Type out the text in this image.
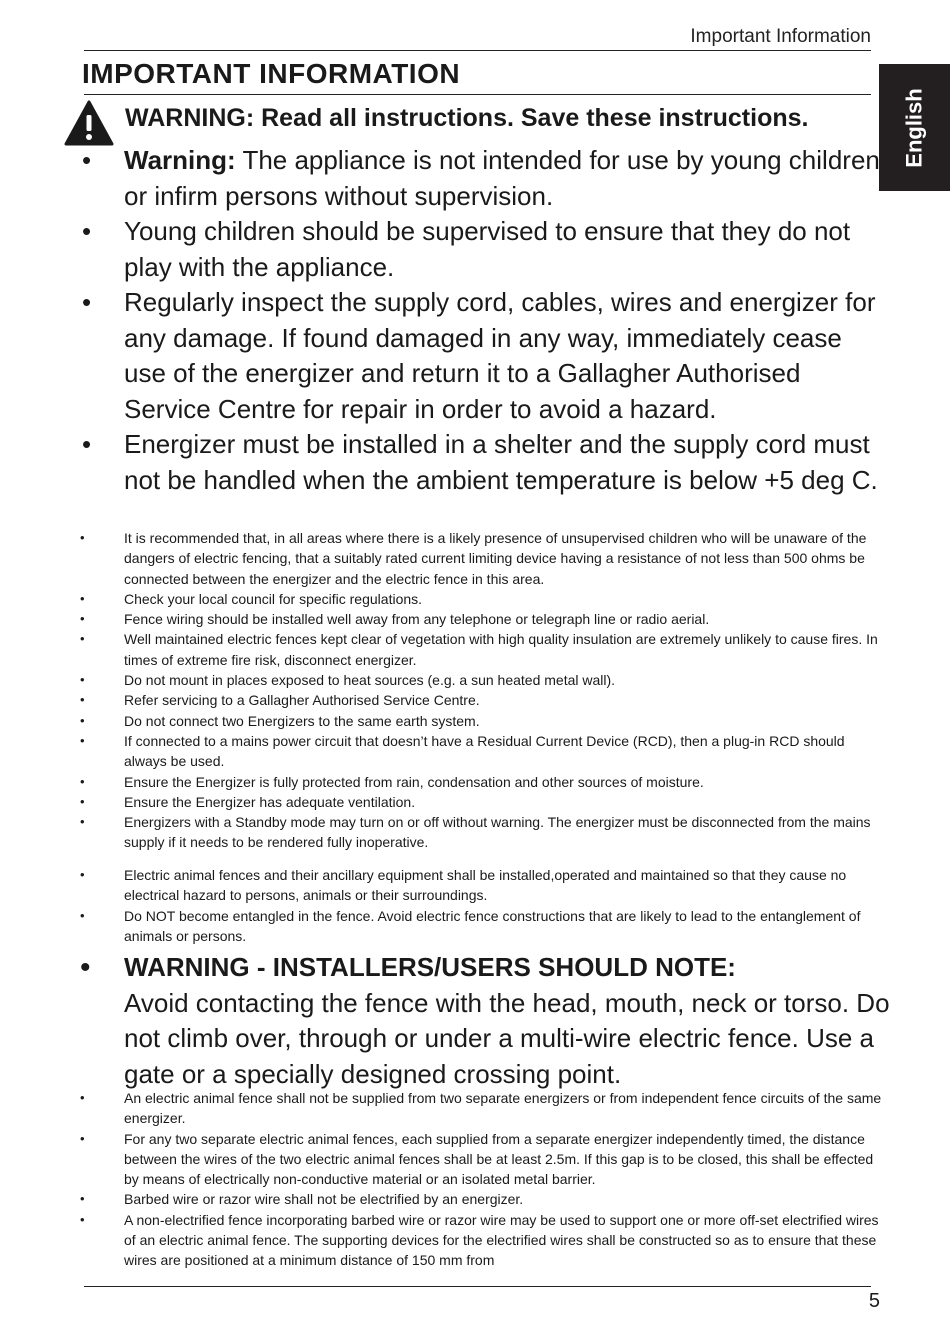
Important Information
IMPORTANT INFORMATION
English
WARNING: Read all instructions. Save these instructions.
• Warning: The appliance is not intended for use by young children or infirm persons without supervision.
• Young children should be supervised to ensure that they do not play with the appliance.
• Regularly inspect the supply cord, cables, wires and energizer for any damage. If found damaged in any way, immediately cease use of the energizer and return it to a Gallagher Authorised Service Centre for repair in order to avoid a hazard.
• Energizer must be installed in a shelter and the supply cord must not be handled when the ambient temperature is below +5 deg C.
• It is recommended that, in all areas where there is a likely presence of unsupervised children who will be unaware of the dangers of electric fencing, that a suitably rated current limiting device having a resistance of not less than 500 ohms be connected between the energizer and the electric fence in this area.
• Check your local council for specific regulations.
• Fence wiring should be installed well away from any telephone or telegraph line or radio aerial.
• Well maintained electric fences kept clear of vegetation with high quality insulation are extremely unlikely to cause fires. In times of extreme fire risk, disconnect energizer.
• Do not mount in places exposed to heat sources (e.g. a sun heated metal wall).
• Refer servicing to a Gallagher Authorised Service Centre.
• Do not connect two Energizers to the same earth system.
• If connected to a mains power circuit that doesn’t have a Residual Current Device (RCD), then a plug-in RCD should always be used.
• Ensure the Energizer is fully protected from rain, condensation and other sources of moisture.
• Ensure the Energizer has adequate ventilation.
• Energizers with a Standby mode may turn on or off without warning. The energizer must be disconnected from the mains supply if it needs to be rendered fully inoperative.
• Electric animal fences and their ancillary equipment shall be installed,operated and maintained so that they cause no electrical hazard to persons, animals or their surroundings.
• Do NOT become entangled in the fence. Avoid electric fence constructions that are likely to lead to the entanglement of animals or persons.
• WARNING - INSTALLERS/USERS SHOULD NOTE:
Avoid contacting the fence with the head, mouth, neck or torso. Do not climb over, through or under a multi-wire electric fence. Use a gate or a specially designed crossing point.
• An electric animal fence shall not be supplied from two separate energizers or from independent fence circuits of the same energizer.
• For any two separate electric animal fences, each supplied from a separate energizer independently timed, the distance between the wires of the two electric animal fences shall be at least 2.5m. If this gap is to be closed, this shall be effected by means of electrically non-conductive material or an isolated metal barrier.
• Barbed wire or razor wire shall not be electrified by an energizer.
• A non-electrified fence incorporating barbed wire or razor wire may be used to support one or more off-set electrified wires of an electric animal fence. The supporting devices for the electrified wires shall be constructed so as to ensure that these wires are positioned at a minimum distance of 150 mm from
5
